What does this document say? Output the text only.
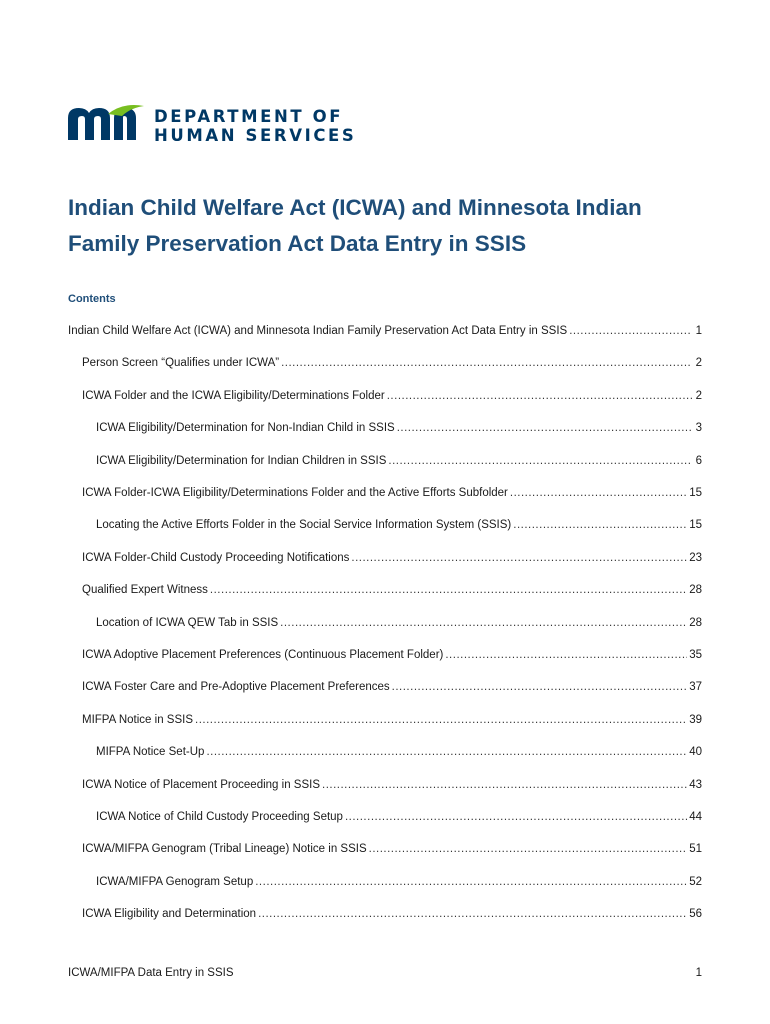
DEPARTMENT OF
HUMAN SERVICES
Indian Child Welfare Act (ICWA) and Minnesota Indian Family Preservation Act Data Entry in SSIS
Contents
Indian Child Welfare Act (ICWA) and Minnesota Indian Family Preservation Act Data Entry in SSIS .....	1
Person Screen “Qualifies under ICWA” .....	2
ICWA Folder and the ICWA Eligibility/Determinations Folder .....	2
ICWA Eligibility/Determination for Non-Indian Child in SSIS .....	3
ICWA Eligibility/Determination for Indian Children in SSIS .....	6
ICWA Folder-ICWA Eligibility/Determinations Folder and the Active Efforts Subfolder .....	15
Locating the Active Efforts Folder in the Social Service Information System (SSIS) .....	15
ICWA Folder-Child Custody Proceeding Notifications .....	23
Qualified Expert Witness .....	28
Location of ICWA QEW Tab in SSIS .....	28
ICWA Adoptive Placement Preferences (Continuous Placement Folder) .....	35
ICWA Foster Care and Pre-Adoptive Placement Preferences .....	37
MIFPA Notice in SSIS .....	39
MIFPA Notice Set-Up .....	40
ICWA Notice of Placement Proceeding in SSIS .....	43
ICWA Notice of Child Custody Proceeding Setup .....	44
ICWA/MIFPA Genogram (Tribal Lineage) Notice in SSIS .....	51
ICWA/MIFPA Genogram Setup .....	52
ICWA Eligibility and Determination .....	56
ICWA/MIFPA Data Entry in SSIS	1
